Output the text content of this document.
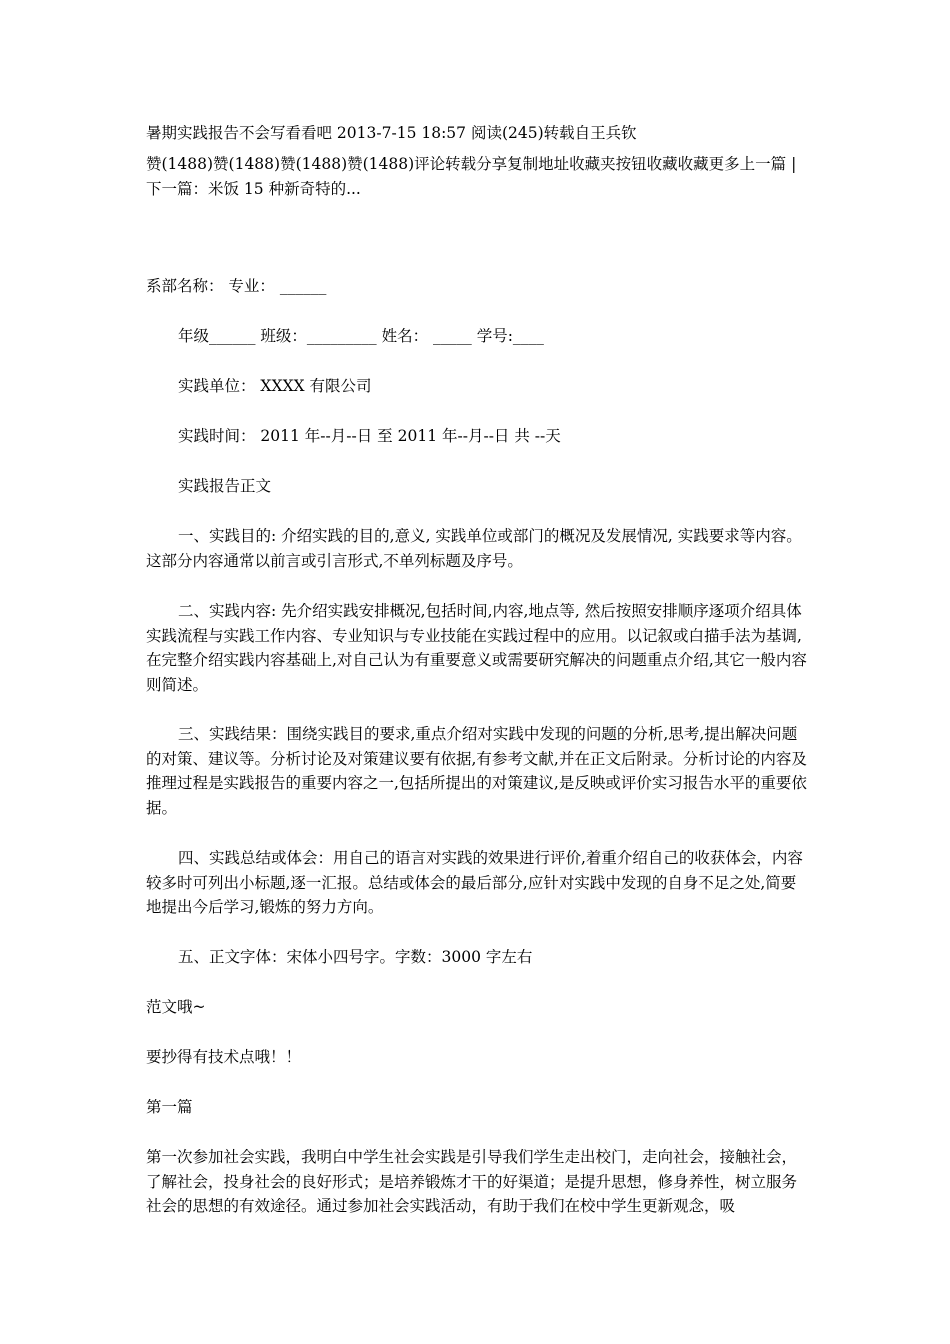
暑期实践报告不会写看看吧 2013-7-15 18:57 阅读(245)转载自王兵钦

赞(1488)赞(1488)赞(1488)赞(1488)评论转载分享复制地址收藏夹按钮收藏收藏更多上一篇 | 下一篇：米饭 15 种新奇特的...

系部名称： 专业： ______

年级______ 班级：_________ 姓名： _____ 学号:____

实践单位： XXXX 有限公司

实践时间： 2011 年--月--日 至 2011 年--月--日 共 --天

实践报告正文

一、实践目的: 介绍实践的目的,意义, 实践单位或部门的概况及发展情况, 实践要求等内容。这部分内容通常以前言或引言形式,不单列标题及序号。

二、实践内容: 先介绍实践安排概况,包括时间,内容,地点等, 然后按照安排顺序逐项介绍具体实践流程与实践工作内容、专业知识与专业技能在实践过程中的应用。以记叙或白描手法为基调,在完整介绍实践内容基础上,对自己认为有重要意义或需要研究解决的问题重点介绍,其它一般内容则简述。

三、实践结果：围绕实践目的要求,重点介绍对实践中发现的问题的分析,思考,提出解决问题的对策、建议等。分析讨论及对策建议要有依据,有参考文献,并在正文后附录。分析讨论的内容及推理过程是实践报告的重要内容之一,包括所提出的对策建议,是反映或评价实习报告水平的重要依据。

四、实践总结或体会：用自己的语言对实践的效果进行评价,着重介绍自己的收获体会，内容较多时可列出小标题,逐一汇报。总结或体会的最后部分,应针对实践中发现的自身不足之处,简要地提出今后学习,锻炼的努力方向。

五、正文字体：宋体小四号字。字数：3000 字左右

范文哦~

要抄得有技术点哦！！

第一篇

第一次参加社会实践，我明白中学生社会实践是引导我们学生走出校门，走向社会，接触社会，了解社会，投身社会的良好形式；是培养锻炼才干的好渠道；是提升思想，修身养性，树立服务社会的思想的有效途径。通过参加社会实践活动，有助于我们在校中学生更新观念，吸
